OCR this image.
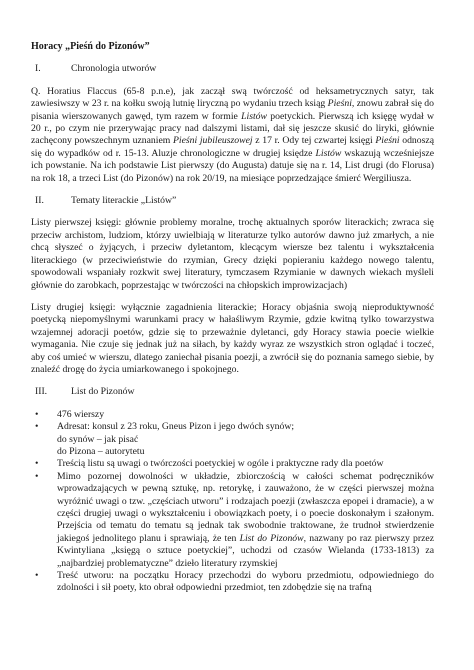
Horacy „Pieśń do Pizonów”
I.	Chronologia utworów

Q. Horatius Flaccus (65-8 p.n.e), jak zaczął swą twórczość od heksametrycznych satyr, tak zawiesiwszy w 23 r. na kołku swoją lutnię liryczną po wydaniu trzech ksiąg Pieśni, znowu zabrał się do pisania wierszowanych gawęd, tym razem w formie Listów poetyckich. Pierwszą ich księgę wydał w 20 r., po czym nie przerywając pracy nad dalszymi listami, dał się jeszcze skusić do liryki, głównie zachęcony powszechnym uznaniem Pieśni jubileuszowej z 17 r. Ody tej czwartej księgi Pieśni odnoszą się do wypadków od r. 15-13. Aluzje chronologiczne w drugiej księdze Listów wskazują wcześniejsze ich powstanie. Na ich podstawie List pierwszy (do Augusta) datuje się na r. 14, List drugi (do Florusa) na rok 18, a trzeci List (do Pizonów) na rok 20/19, na miesiące poprzedzające śmierć Wergiliusza.

II.	Tematy literackie „Listów”

Listy pierwszej księgi: głównie problemy moralne, trochę aktualnych sporów literackich; zwraca się przeciw archistom, ludziom, którzy uwielbiają w literaturze tylko autorów dawno już zmarłych, a nie chcą słyszeć o żyjących, i przeciw dyletantom, klecącym wiersze bez talentu i wykształcenia literackiego (w przeciwieństwie do rzymian, Grecy dzięki popieraniu każdego nowego talentu, spowodowali wspaniały rozkwit swej literatury, tymczasem Rzymianie w dawnych wiekach myśleli głównie do zarobkach, poprzestając w twórczości na chłopskich improwizacjach)

Listy drugiej księgi: wyłącznie zagadnienia literackie; Horacy objaśnia swoją nieproduktywność poetycką niepomyślnymi warunkami pracy w hałaśliwym Rzymie, gdzie kwitną tylko towarzystwa wzajemnej adoracji poetów, gdzie się to przeważnie dyletanci, gdy Horacy stawia poecie wielkie wymagania. Nie czuje się jednak już na siłach, by każdy wyraz ze wszystkich stron oglądać i toczeć, aby coś umieć w wierszu, dlatego zaniechał pisania poezji, a zwrócił się do poznania samego siebie, by znaleźć drogę do życia umiarkowanego i spokojnego.

III.	List do Pizonów
• 476 wierszy
• Adresat: konsul z 23 roku, Gneus Pizon i jego dwóch synów;
do synów – jak pisać
do Pizona – autorytetu
• Treścią listu są uwagi o twórczości poetyckiej w ogóle i praktyczne rady dla poetów
• Mimo pozornej dowolności w układzie, zbiorczością w całości schemat podręczników wprowadzających w pewną sztukę, np. retorykę, i zauważono, że w części pierwszej można wyróżnić uwagi o tzw. „częściach utworu” i rodzajach poezji (zwłaszcza epopei i dramacie), a w części drugiej uwagi o wykształceniu i obowiązkach poety, i o poecie doskonałym i szałonym. Przejścia od tematu do tematu są jednak tak swobodnie traktowane, że trudnoł stwierdzenie jakiegoś jednolitego planu i sprawiają, że ten List do Pizonów, nazwany po raz pierwszy przez Kwintyliana „księgą o sztuce poetyckiej”, uchodzi od czasów Wielanda (1733-1813) za „najbardziej problematyczne” dzieło literatury rzymskiej
• Treść utworu: na początku Horacy przechodzi do wyboru przedmiotu, odpowiedniego do zdolności i sił poety, kto obrał odpowiedni przedmiot, ten zdobędzie się na trafną
